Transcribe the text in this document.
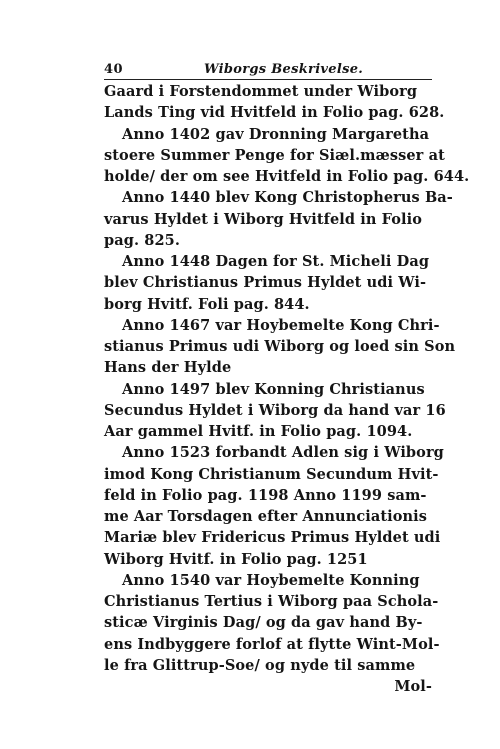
40	Wiborgs Beskrivelse.
Gaard i Forstendommet under Wiborg
Lands Ting vid Hvitfeld in Folio pag. 628.
Anno 1402 gav Dronning Margaretha
stoere Summer Penge for Siæl.mæsser at
holde/ der om see Hvitfeld in Folio pag. 644.
Anno 1440 blev Kong Christopherus Ba-
varus Hyldet i Wiborg Hvitfeld in Folio
pag. 825.
Anno 1448 Dagen for St. Micheli Dag
blev Christianus Primus Hyldet udi Wi-
borg Hvitf. Foli pag. 844.
Anno 1467 var Hoybemelte Kong Chri-
stianus Primus udi Wiborg og loed sin Son
Hans der Hylde
Anno 1497 blev Konning Christianus
Secundus Hyldet i Wiborg da hand var 16
Aar gammel Hvitf. in Folio pag. 1094.
Anno 1523 forbandt Adlen sig i Wiborg
imod Kong Christianum Secundum Hvit-
feld in Folio pag. 1198 Anno 1199 sam-
me Aar Torsdagen efter Annunciationis
Mariæ blev Fridericus Primus Hyldet udi
Wiborg Hvitf. in Folio pag. 1251
Anno 1540 var Hoybemelte Konning
Christianus Tertius i Wiborg paa Schola-
sticæ Virginis Dag/ og da gav hand By-
ens Indbyggere forlof at flytte Wint-Mol-
le fra Glittrup-Soe/ og nyde til samme
Mol-
